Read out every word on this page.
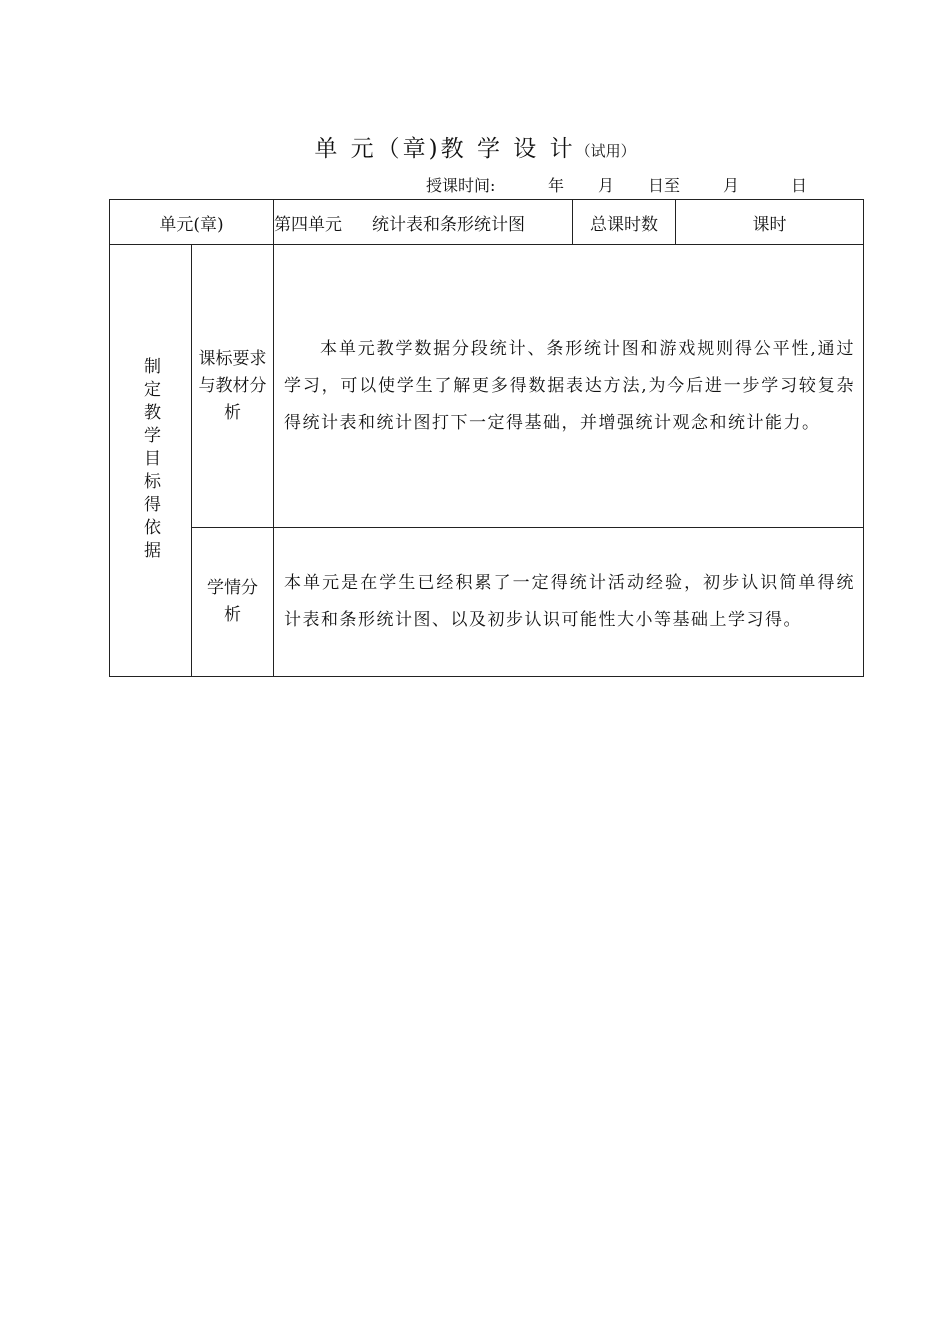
单 元（章)教 学 设 计（试用）
授课时间:	年 月 日至	月	日
单元(章)		第四单元 统计表和条形统计图	总课时数	课时

制定教学目标得依据	课标要求与教材分析	本单元教学数据分段统计、条形统计图和游戏规则得公平性,通过学习，可以使学生了解更多得数据表达方法,为今后进一步学习较复杂得统计表和统计图打下一定得基础，并增强统计观念和统计能力。		

	学情分析	本单元是在学生已经积累了一定得统计活动经验，初步认识简单得统计表和条形统计图、以及初步认识可能性大小等基础上学习得。		
